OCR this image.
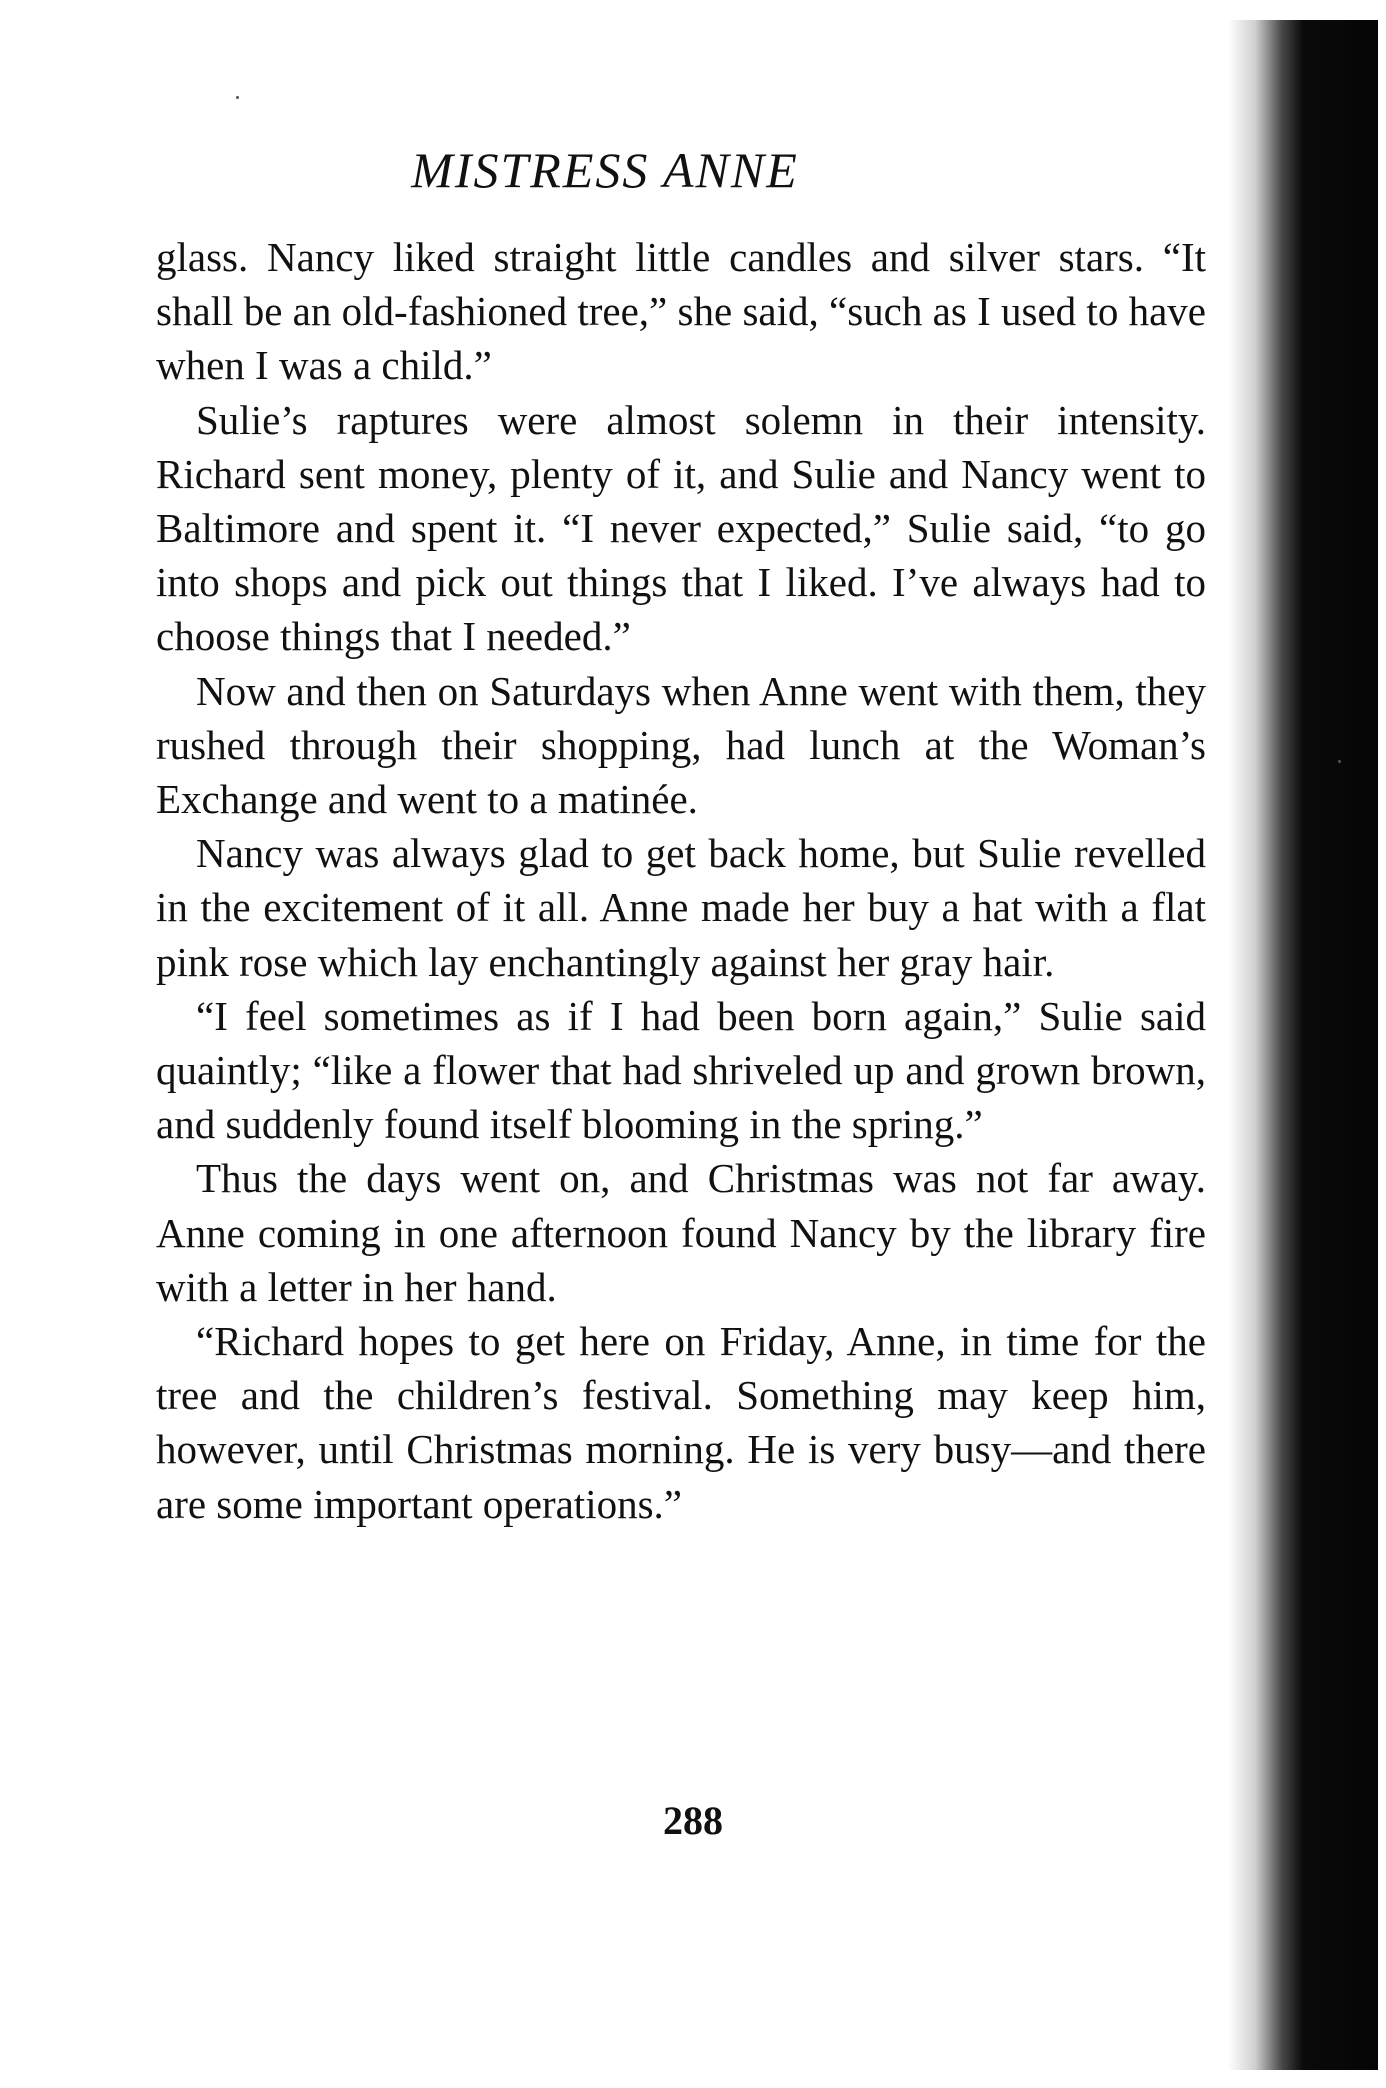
MISTRESS ANNE

glass. Nancy liked straight little candles and silver stars. “It shall be an old-fashioned tree,” she said, “such as I used to have when I was a child.”

Sulie’s raptures were almost solemn in their intensity. Richard sent money, plenty of it, and Sulie and Nancy went to Baltimore and spent it. “I never expected,” Sulie said, “to go into shops and pick out things that I liked. I’ve always had to choose things that I needed.”

Now and then on Saturdays when Anne went with them, they rushed through their shopping, had lunch at the Woman’s Exchange and went to a matinée.

Nancy was always glad to get back home, but Sulie revelled in the excitement of it all. Anne made her buy a hat with a flat pink rose which lay enchantingly against her gray hair.

“I feel sometimes as if I had been born again,” Sulie said quaintly; “like a flower that had shriveled up and grown brown, and suddenly found itself blooming in the spring.”

Thus the days went on, and Christmas was not far away. Anne coming in one afternoon found Nancy by the library fire with a letter in her hand.

“Richard hopes to get here on Friday, Anne, in time for the tree and the children’s festival. Something may keep him, however, until Christmas morning. He is very busy—and there are some important operations.”

288
